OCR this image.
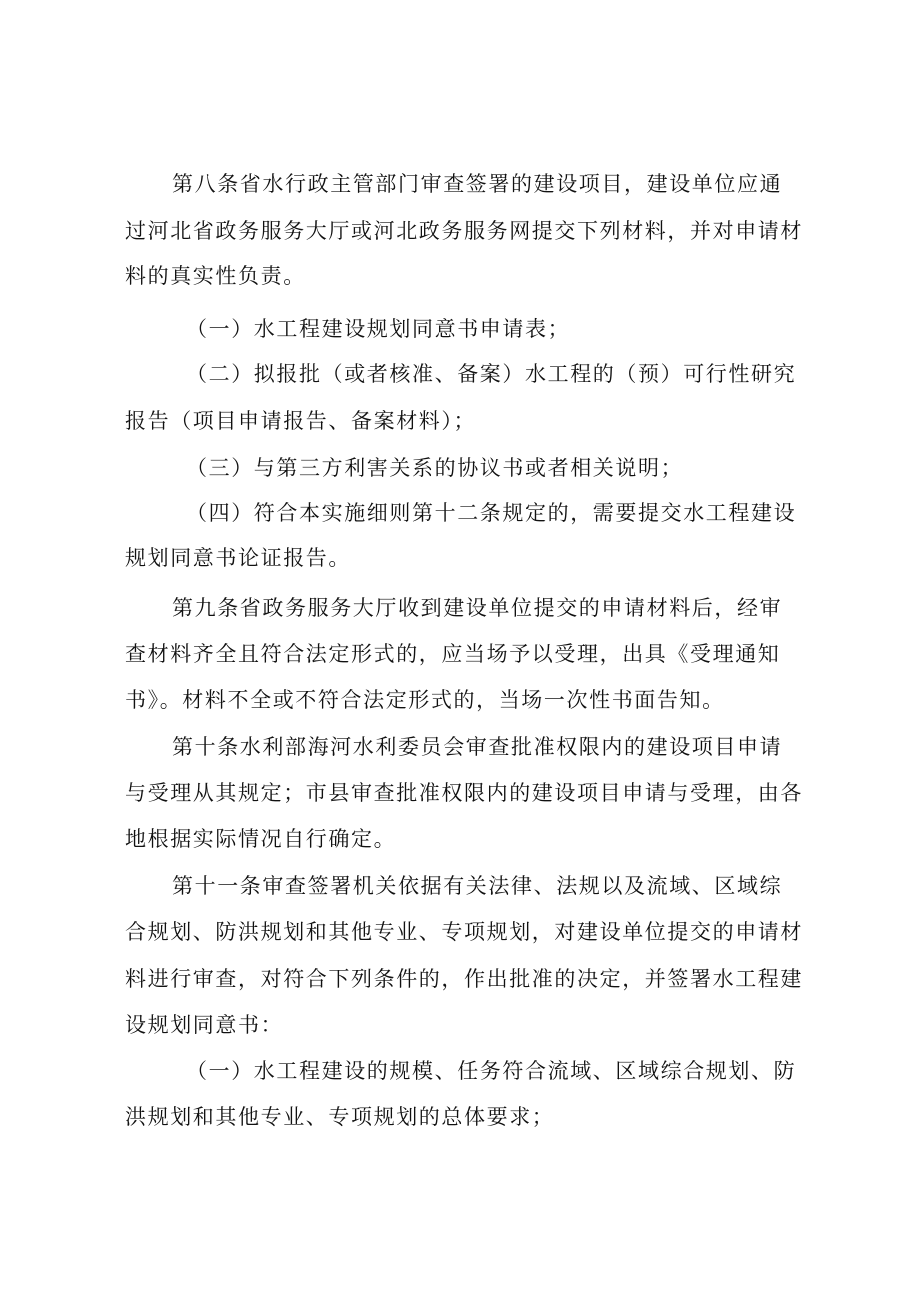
第八条省水行政主管部门审查签署的建设项目，建设单位应通
过河北省政务服务大厅或河北政务服务网提交下列材料，并对申请材
料的真实性负责。
（一）水工程建设规划同意书申请表；
（二）拟报批（或者核准、备案）水工程的（预）可行性研究
报告（项目申请报告、备案材料）；
（三）与第三方利害关系的协议书或者相关说明；
（四）符合本实施细则第十二条规定的，需要提交水工程建设
规划同意书论证报告。
第九条省政务服务大厅收到建设单位提交的申请材料后，经审
查材料齐全且符合法定形式的，应当场予以受理，出具《受理通知
书》。材料不全或不符合法定形式的，当场一次性书面告知。
第十条水利部海河水利委员会审查批准权限内的建设项目申请
与受理从其规定；市县审查批准权限内的建设项目申请与受理，由各
地根据实际情况自行确定。
第十一条审查签署机关依据有关法律、法规以及流域、区域综
合规划、防洪规划和其他专业、专项规划，对建设单位提交的申请材
料进行审查，对符合下列条件的，作出批准的决定，并签署水工程建
设规划同意书：
（一）水工程建设的规模、任务符合流域、区域综合规划、防
洪规划和其他专业、专项规划的总体要求；
